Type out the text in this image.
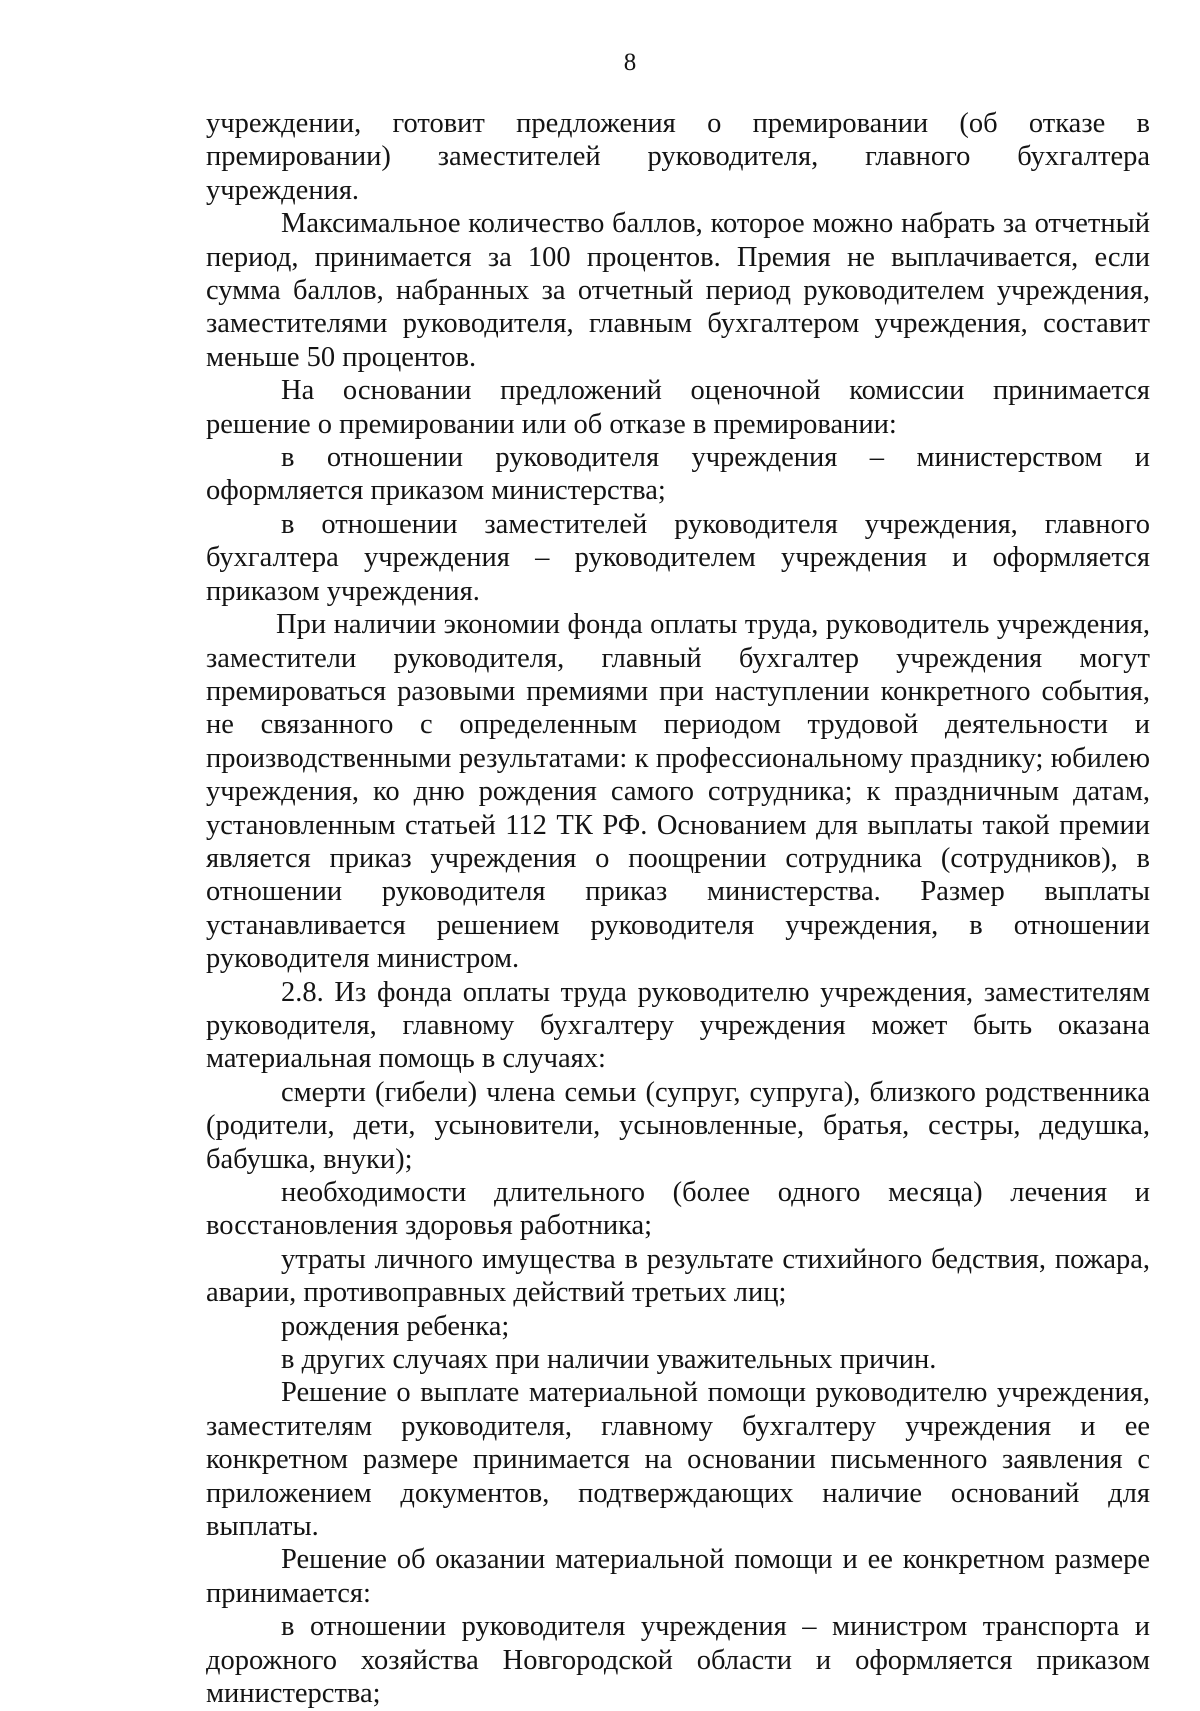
8

учреждении, готовит предложения о премировании (об отказе в премировании) заместителей руководителя, главного бухгалтера учреждения.

Максимальное количество баллов, которое можно набрать за отчетный период, принимается за 100 процентов. Премия не выплачивается, если сумма баллов, набранных за отчетный период руководителем учреждения, заместителями руководителя, главным бухгалтером учреждения, составит меньше 50 процентов.

На основании предложений оценочной комиссии принимается решение о премировании или об отказе в премировании:

в отношении руководителя учреждения – министерством и оформляется приказом министерства;

в отношении заместителей руководителя учреждения, главного бухгалтера учреждения – руководителем учреждения и оформляется приказом учреждения.

При наличии экономии фонда оплаты труда, руководитель учреждения, заместители руководителя, главный бухгалтер учреждения могут премироваться разовыми премиями при наступлении конкретного события, не связанного с определенным периодом трудовой деятельности и производственными результатами: к профессиональному празднику; юбилею учреждения, ко дню рождения самого сотрудника; к праздничным датам, установленным статьей 112 ТК РФ. Основанием для выплаты такой премии является приказ учреждения о поощрении сотрудника (сотрудников), в отношении руководителя приказ министерства. Размер выплаты устанавливается решением руководителя учреждения, в отношении руководителя министром.

2.8. Из фонда оплаты труда руководителю учреждения, заместителям руководителя, главному бухгалтеру учреждения может быть оказана материальная помощь в случаях:

смерти (гибели) члена семьи (супруг, супруга), близкого родственника (родители, дети, усыновители, усыновленные, братья, сестры, дедушка, бабушка, внуки);

необходимости длительного (более одного месяца) лечения и восстановления здоровья работника;

утраты личного имущества в результате стихийного бедствия, пожара, аварии, противоправных действий третьих лиц;

рождения ребенка;

в других случаях при наличии уважительных причин.

Решение о выплате материальной помощи руководителю учреждения, заместителям руководителя, главному бухгалтеру учреждения и ее конкретном размере принимается на основании письменного заявления с приложением документов, подтверждающих наличие оснований для выплаты.

Решение об оказании материальной помощи и ее конкретном размере принимается:

в отношении руководителя учреждения – министром транспорта и дорожного хозяйства Новгородской области и оформляется приказом министерства;
